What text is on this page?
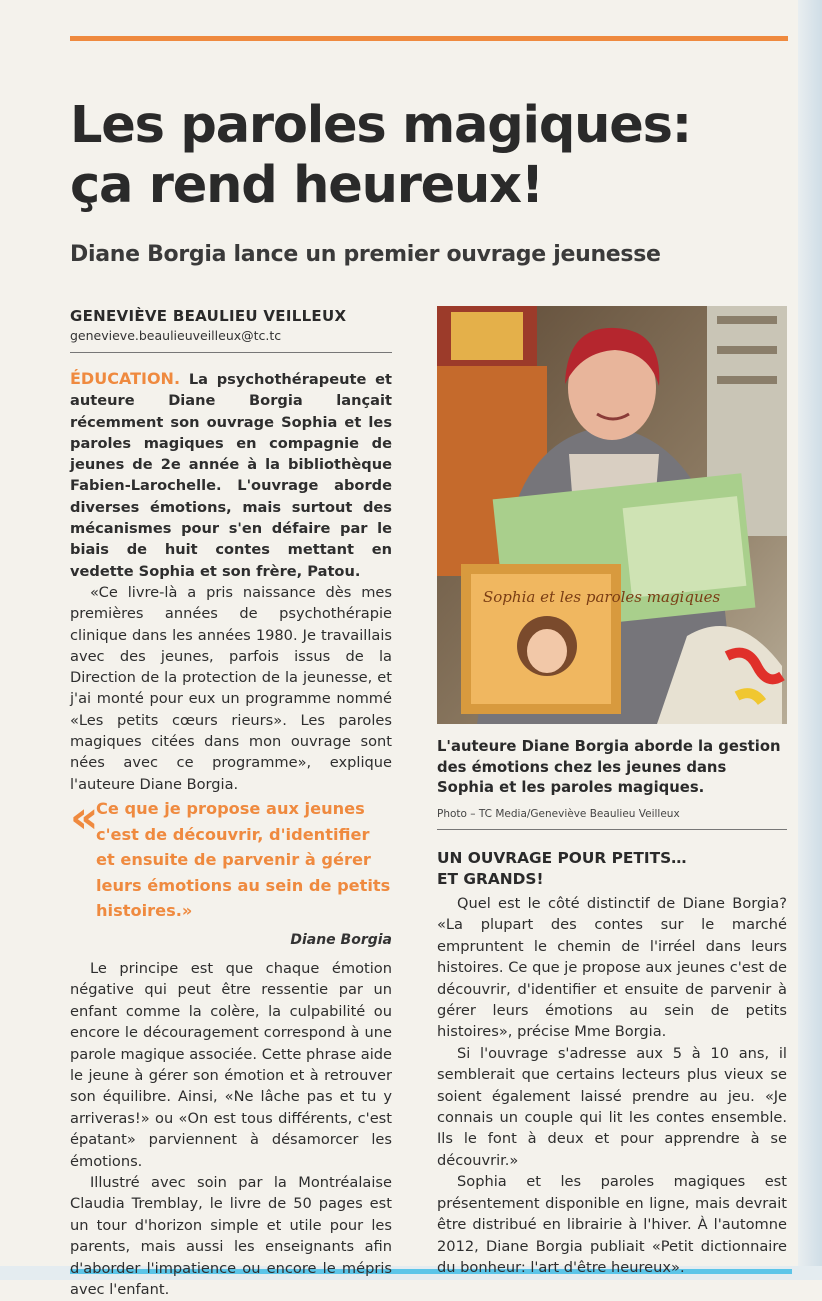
Les paroles magiques:
ça rend heureux!
Diane Borgia lance un premier ouvrage jeunesse
GENEVIÈVE BEAULIEU VEILLEUX
genevieve.beaulieuveilleux@tc.tc

ÉDUCATION. La psychothérapeute et auteure Diane Borgia lançait récemment son ouvrage Sophia et les paroles magiques en compagnie de jeunes de 2e année à la bibliothèque Fabien-Larochelle. L'ouvrage aborde diverses émotions, mais surtout des mécanismes pour s'en défaire par le biais de huit contes mettant en vedette Sophia et son frère, Patou.

«Ce livre-là a pris naissance dès mes premières années de psychothérapie clinique dans les années 1980. Je travaillais avec des jeunes, parfois issus de la Direction de la protection de la jeunesse, et j'ai monté pour eux un programme nommé «Les petits cœurs rieurs». Les paroles magiques citées dans mon ouvrage sont nées avec ce programme», explique l'auteure Diane Borgia.

«
Ce que je propose aux jeunes c'est de découvrir, d'identifier et ensuite de parvenir à gérer leurs émotions au sein de petits histoires.»
Diane Borgia

Le principe est que chaque émotion négative qui peut être ressentie par un enfant comme la colère, la culpabilité ou encore le découragement correspond à une parole magique associée. Cette phrase aide le jeune à gérer son émotion et à retrouver son équilibre. Ainsi, «Ne lâche pas et tu y arriveras!» ou «On est tous différents, c'est épatant» parviennent à désamorcer les émotions.

Illustré avec soin par la Montréalaise Claudia Tremblay, le livre de 50 pages est un tour d'horizon simple et utile pour les parents, mais aussi les enseignants afin d'aborder l'impatience ou encore le mépris avec l'enfant.

Sophia et les paroles magiques
L'auteure Diane Borgia aborde la gestion des émotions chez les jeunes dans Sophia et les paroles magiques.
Photo – TC Media/Geneviève Beaulieu Veilleux
UN OUVRAGE POUR PETITS…
ET GRANDS!

Quel est le côté distinctif de Diane Borgia? «La plupart des contes sur le marché empruntent le chemin de l'irréel dans leurs histoires. Ce que je propose aux jeunes c'est de découvrir, d'identifier et ensuite de parvenir à gérer leurs émotions au sein de petits histoires», précise Mme Borgia.

Si l'ouvrage s'adresse aux 5 à 10 ans, il semblerait que certains lecteurs plus vieux se soient également laissé prendre au jeu. «Je connais un couple qui lit les contes ensemble. Ils le font à deux et pour apprendre à se découvrir.»

Sophia et les paroles magiques est présentement disponible en ligne, mais devrait être distribué en librairie à l'hiver. À l'automne 2012, Diane Borgia publiait «Petit dictionnaire du bonheur: l'art d'être heureux».
